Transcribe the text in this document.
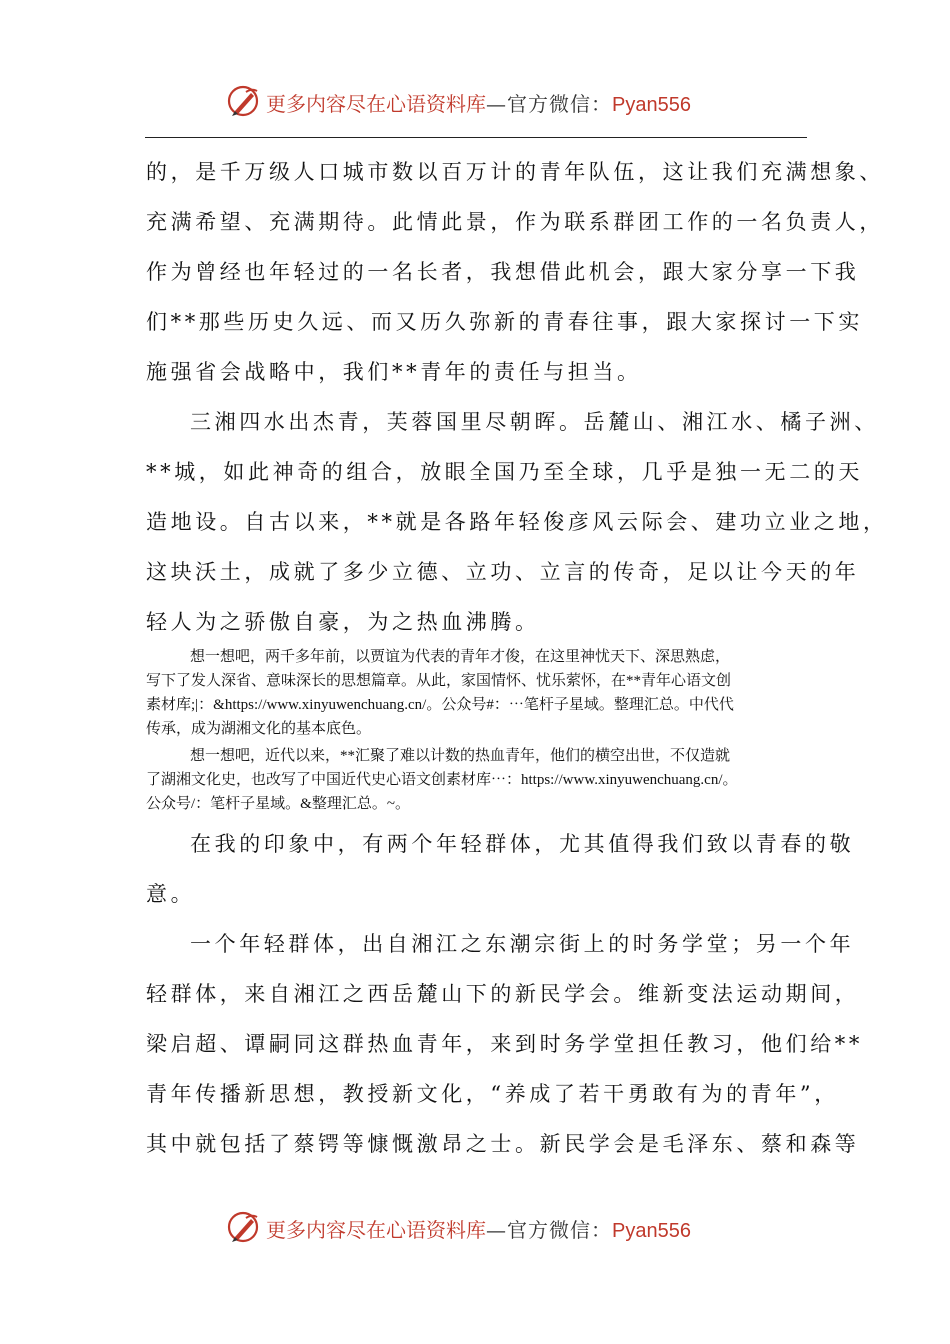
更多内容尽在心语资料库—官方微信：Pyan556
的，是千万级人口城市数以百万计的青年队伍，这让我们充满想象、
充满希望、充满期待。此情此景，作为联系群团工作的一名负责人，
作为曾经也年轻过的一名长者，我想借此机会，跟大家分享一下我
们**那些历史久远、而又历久弥新的青春往事，跟大家探讨一下实
施强省会战略中，我们**青年的责任与担当。
三湘四水出杰青，芙蓉国里尽朝晖。岳麓山、湘江水、橘子洲、
**城，如此神奇的组合，放眼全国乃至全球，几乎是独一无二的天
造地设。自古以来，**就是各路年轻俊彦风云际会、建功立业之地，
这块沃土，成就了多少立德、立功、立言的传奇，足以让今天的年
轻人为之骄傲自豪，为之热血沸腾。
想一想吧，两千多年前，以贾谊为代表的青年才俊，在这里神忧天下、深思熟虑，
写下了发人深省、意味深长的思想篇章。从此，家国情怀、忧乐萦怀，在**青年心语文创
素材库;|：&https://www.xinyuwenchuang.cn/。公众号#：⋯笔杆子星域。整理汇总。中代代
传承，成为湖湘文化的基本底色。
想一想吧，近代以来，**汇聚了难以计数的热血青年，他们的横空出世，不仅造就
了湖湘文化史，也改写了中国近代史心语文创素材库⋯：https://www.xinyuwenchuang.cn/。
公众号/：笔杆子星域。&整理汇总。~。
在我的印象中，有两个年轻群体，尤其值得我们致以青春的敬
意。
一个年轻群体，出自湘江之东潮宗街上的时务学堂；另一个年
轻群体，来自湘江之西岳麓山下的新民学会。维新变法运动期间，
梁启超、谭嗣同这群热血青年，来到时务学堂担任教习，他们给**
青年传播新思想，教授新文化，“养成了若干勇敢有为的青年”，
其中就包括了蔡锷等慷慨激昂之士。新民学会是毛泽东、蔡和森等
更多内容尽在心语资料库—官方微信：Pyan556
